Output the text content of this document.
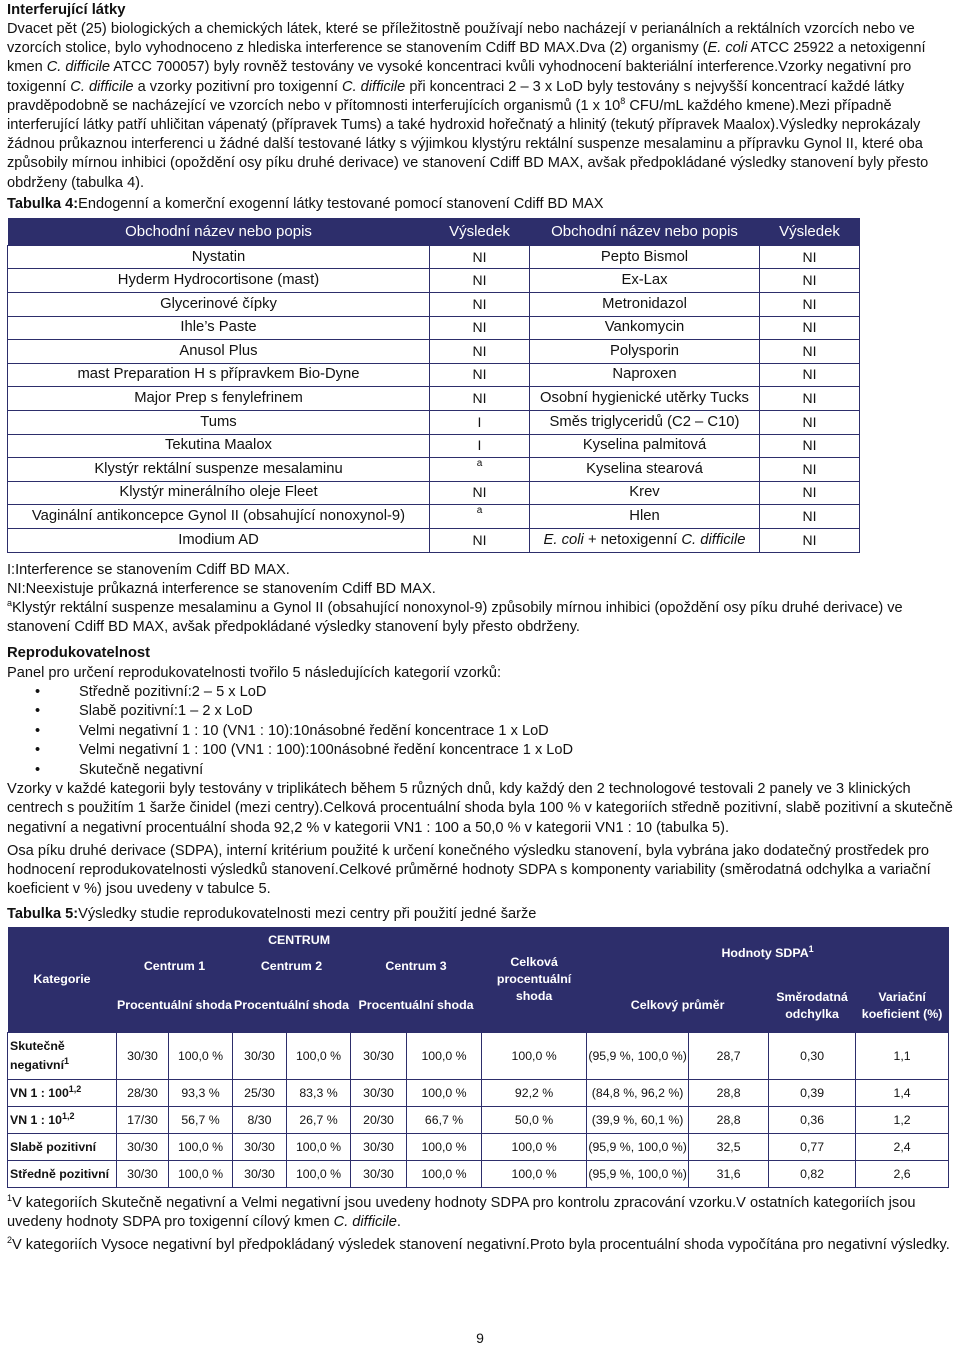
Interferující látky

Dvacet pět (25) biologických a chemických látek, které se příležitostně používají nebo nacházejí v perianálních a rektálních vzorcích nebo ve vzorcích stolice, bylo vyhodnoceno z hlediska interference se stanovením Cdiff BD MAX.Dva (2) organismy (E. coli ATCC 25922 a netoxigenní kmen C. difficile ATCC 700057) byly rovněž testovány ve vysoké koncentraci kvůli vyhodnocení bakteriální interference.Vzorky negativní pro toxigenní C. difficile a vzorky pozitivní pro toxigenní C. difficile při koncentraci 2 – 3 x LoD byly testovány s nejvyšší koncentrací každé látky pravděpodobně se nacházející ve vzorcích nebo v přítomnosti interferujících organismů (1 x $10^8$ CFU/mL každého kmene).Mezi případně interferující látky patří uhličitan vápenatý (přípravek Tums) a také hydroxid hořečnatý a hlinitý (tekutý přípravek Maalox).Výsledky neprokázaly žádnou průkaznou interferenci u žádné další testované látky s výjimkou klystýru rektální suspenze mesalaminu a přípravku Gynol II, které oba způsobily mírnou inhibici (opoždění osy píku druhé derivace) ve stanovení Cdiff BD MAX, avšak předpokládané výsledky stanovení byly přesto obdrženy (tabulka 4).

Tabulka 4:Endogenní a komerční exogenní látky testované pomocí stanovení Cdiff BD MAX

Obchodní název nebo popis	Výsledek	Obchodní název nebo popis	Výsledek
Nystatin	NI	Pepto Bismol	NI
Hyderm Hydrocortisone (mast)	NI	Ex-Lax	NI
Glycerinové čípky	NI	Metronidazol	NI
Ihle’s Paste	NI	Vankomycin	NI
Anusol Plus	NI	Polysporin	NI
mast Preparation H s přípravkem Bio-Dyne	NI	Naproxen	NI
Major Prep s fenylefrinem	NI	Osobní hygienické utěrky Tucks	NI
Tums	I	Směs triglyceridů (C2 – C10)	NI
Tekutina Maalox	I	Kyselina palmitová	NI
Klystýr rektální suspenze mesalaminu	a	Kyselina stearová	NI
Klystýr minerálního oleje Fleet	NI	Krev	NI
Vaginální antikoncepce Gynol II (obsahující nonoxynol-9)	a	Hlen	NI
Imodium AD	NI	E. coli + netoxigenní C. difficile	NI

I:Interference se stanovením Cdiff BD MAX.

NI:Neexistuje průkazná interference se stanovením Cdiff BD MAX.

$^a$Klystýr rektální suspenze mesalaminu a Gynol II (obsahující nonoxynol-9) způsobily mírnou inhibici (opoždění osy píku druhé derivace) ve stanovení Cdiff BD MAX, avšak předpokládané výsledky stanovení byly přesto obdrženy.

Reprodukovatelnost

Panel pro určení reprodukovatelnosti tvořilo 5 následujících kategorií vzorků:

• Středně pozitivní:2 – 5 x LoD
• Slabě pozitivní:1 – 2 x LoD
• Velmi negativní 1 : 10 (VN1 : 10):10násobné ředění koncentrace 1 x LoD
• Velmi negativní 1 : 100 (VN1 : 100):100násobné ředění koncentrace 1 x LoD
• Skutečně negativní

Vzorky v každé kategorii byly testovány v triplikátech během 5 různých dnů, kdy každý den 2 technologové testovali 2 panely ve 3 klinických centrech s použitím 1 šarže činidel (mezi centry).Celková procentuální shoda byla 100 % v kategoriích středně pozitivní, slabě pozitivní a skutečně negativní a negativní procentuální shoda 92,2 % v kategorii VN1 : 100 a 50,0 % v kategorii VN1 : 10 (tabulka 5).

Osa píku druhé derivace (SDPA), interní kritérium použité k určení konečného výsledku stanovení, byla vybrána jako dodatečný prostředek pro hodnocení reprodukovatelnosti výsledků stanovení.Celkové průměrné hodnoty SDPA s komponenty variability (směrodatná odchylka a variační koeficient v %) jsou uvedeny v tabulce 5.

Tabulka 5:Výsledky studie reprodukovatelnosti mezi centry při použití jedné šarže

Kategorie	CENTRUM						Celková procentuální shoda	Hodnoty SDPA$^1$
	Centrum 1		Centrum 2		Centrum 3						
	Procentuální shoda		Procentuální shoda		Procentuální shoda			Celkový průměr		Směrodatná odchylka	Variační koeficient (%)
Skutečně negativní$^1$	30/30	100,0 %	30/30	100,0 %	30/30	100,0 %	100,0 %	(95,9 %, 100,0 %)	28,7	0,30	1,1
VN 1 : 100$^{1,2}$	28/30	93,3 %	25/30	83,3 %	30/30	100,0 %	92,2 %	(84,8 %, 96,2 %)	28,8	0,39	1,4
VN 1 : 10$^{1,2}$	17/30	56,7 %	8/30	26,7 %	20/30	66,7 %	50,0 %	(39,9 %, 60,1 %)	28,8	0,36	1,2
Slabě pozitivní	30/30	100,0 %	30/30	100,0 %	30/30	100,0 %	100,0 %	(95,9 %, 100,0 %)	32,5	0,77	2,4
Středně pozitivní	30/30	100,0 %	30/30	100,0 %	30/30	100,0 %	100,0 %	(95,9 %, 100,0 %)	31,6	0,82	2,6

$^1$V kategoriích Skutečně negativní a Velmi negativní jsou uvedeny hodnoty SDPA pro kontrolu zpracování vzorku.V ostatních kategoriích jsou uvedeny hodnoty SDPA pro toxigenní cílový kmen C. difficile.

$^2$V kategoriích Vysoce negativní byl předpokládaný výsledek stanovení negativní.Proto byla procentuální shoda vypočítána pro negativní výsledky.

9
